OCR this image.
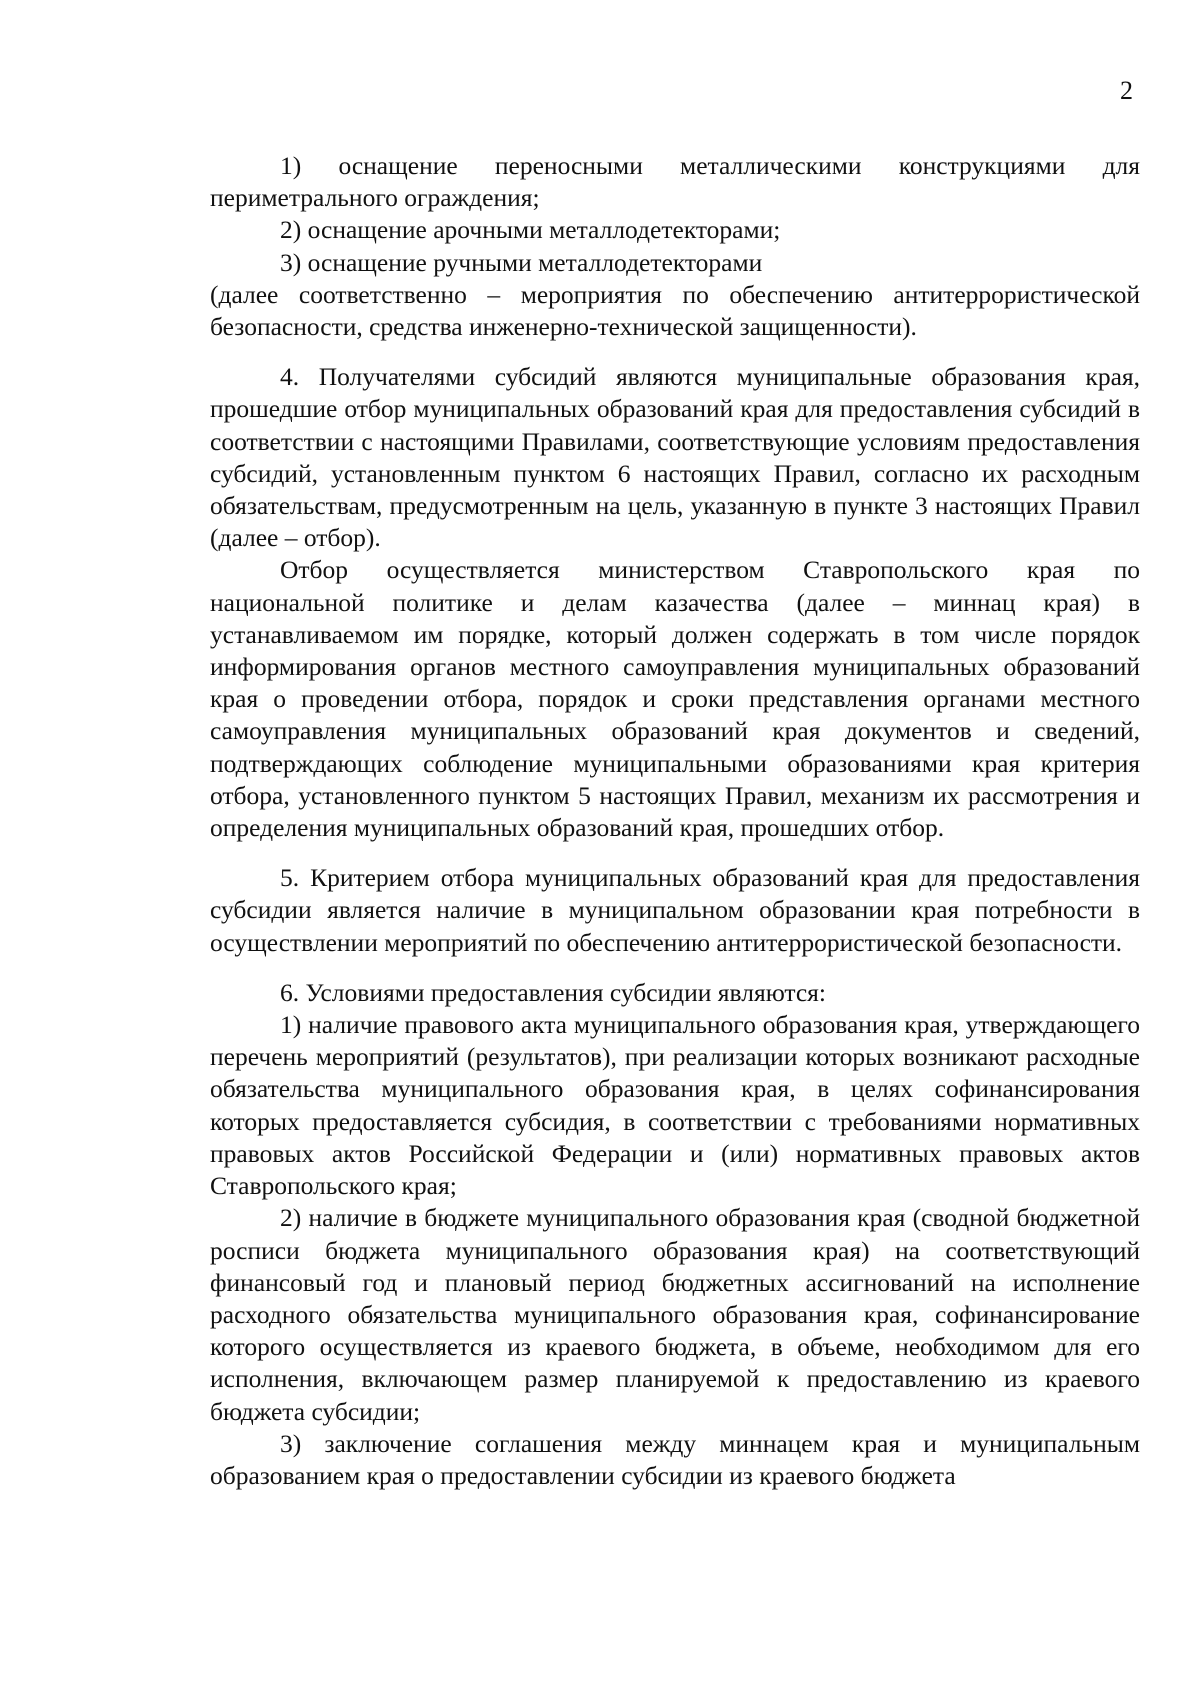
2

1) оснащение переносными металлическими конструкциями для периметрального ограждения;

2) оснащение арочными металлодетекторами;

3) оснащение ручными металлодетекторами

(далее соответственно – мероприятия по обеспечению антитеррористической безопасности, средства инженерно-технической защищенности).

4. Получателями субсидий являются муниципальные образования края, прошедшие отбор муниципальных образований края для предоставления субсидий в соответствии с настоящими Правилами, соответствующие условиям предоставления субсидий, установленным пунктом 6 настоящих Правил, согласно их расходным обязательствам, предусмотренным на цель, указанную в пункте 3 настоящих Правил (далее – отбор).

Отбор осуществляется министерством Ставропольского края по национальной политике и делам казачества (далее – миннац края) в устанавливаемом им порядке, который должен содержать в том числе порядок информирования органов местного самоуправления муниципальных образований края о проведении отбора, порядок и сроки представления органами местного самоуправления муниципальных образований края документов и сведений, подтверждающих соблюдение муниципальными образованиями края критерия отбора, установленного пунктом 5 настоящих Правил, механизм их рассмотрения и определения муниципальных образований края, прошедших отбор.

5. Критерием отбора муниципальных образований края для предоставления субсидии является наличие в муниципальном образовании края потребности в осуществлении мероприятий по обеспечению антитеррористической безопасности.

6. Условиями предоставления субсидии являются:

1) наличие правового акта муниципального образования края, утверждающего перечень мероприятий (результатов), при реализации которых возникают расходные обязательства муниципального образования края, в целях софинансирования которых предоставляется субсидия, в соответствии с требованиями нормативных правовых актов Российской Федерации и (или) нормативных правовых актов Ставропольского края;

2) наличие в бюджете муниципального образования края (сводной бюджетной росписи бюджета муниципального образования края) на соответствующий финансовый год и плановый период бюджетных ассигнований на исполнение расходного обязательства муниципального образования края, софинансирование которого осуществляется из краевого бюджета, в объеме, необходимом для его исполнения, включающем размер планируемой к предоставлению из краевого бюджета субсидии;

3) заключение соглашения между миннацем края и муниципальным образованием края о предоставлении субсидии из краевого бюджета
